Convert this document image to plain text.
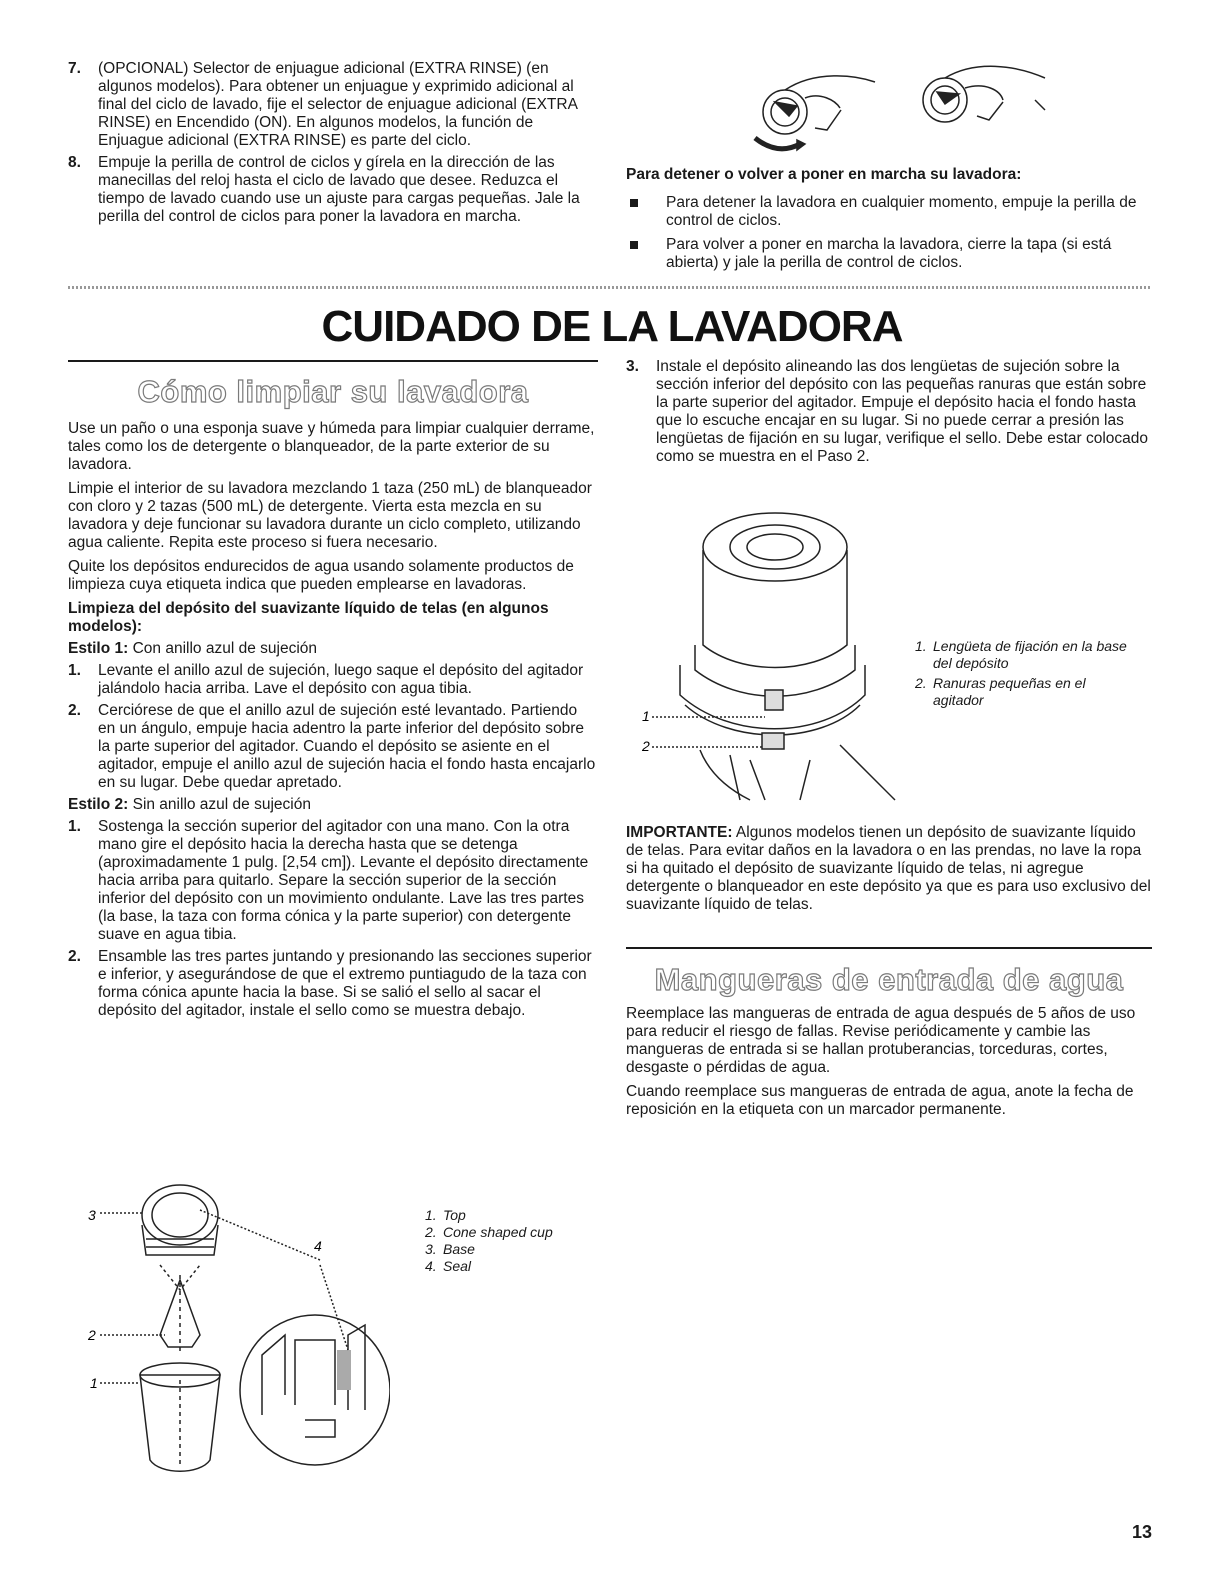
7. (OPCIONAL) Selector de enjuague adicional (EXTRA RINSE) (en algunos modelos). Para obtener un enjuague y exprimido adicional al final del ciclo de lavado, fije el selector de enjuague adicional (EXTRA RINSE) en Encendido (ON). En algunos modelos, la función de Enjuague adicional (EXTRA RINSE) es parte del ciclo.
8. Empuje la perilla de control de ciclos y gírela en la dirección de las manecillas del reloj hasta el ciclo de lavado que desee. Reduzca el tiempo de lavado cuando use un ajuste para cargas pequeñas. Jale la perilla del control de ciclos para poner la lavadora en marcha.
Para detener o volver a poner en marcha su lavadora:
Para detener la lavadora en cualquier momento, empuje la perilla de control de ciclos.
Para volver a poner en marcha la lavadora, cierre la tapa (si está abierta) y jale la perilla de control de ciclos.
CUIDADO DE LA LAVADORA
Cómo limpiar su lavadora

Use un paño o una esponja suave y húmeda para limpiar cualquier derrame, tales como los de detergente o blanqueador, de la parte exterior de su lavadora.

Limpie el interior de su lavadora mezclando 1 taza (250 mL) de blanqueador con cloro y 2 tazas (500 mL) de detergente. Vierta esta mezcla en su lavadora y deje funcionar su lavadora durante un ciclo completo, utilizando agua caliente. Repita este proceso si fuera necesario.

Quite los depósitos endurecidos de agua usando solamente productos de limpieza cuya etiqueta indica que pueden emplearse en lavadoras.

Limpieza del depósito del suavizante líquido de telas (en algunos modelos):

Estilo 1: Con anillo azul de sujeción

1. Levante el anillo azul de sujeción, luego saque el depósito del agitador jalándolo hacia arriba. Lave el depósito con agua tibia.
2. Cerciórese de que el anillo azul de sujeción esté levantado. Partiendo en un ángulo, empuje hacia adentro la parte inferior del depósito sobre la parte superior del agitador. Cuando el depósito se asiente en el agitador, empuje el anillo azul de sujeción hacia el fondo hasta encajarlo en su lugar. Debe quedar apretado.

Estilo 2: Sin anillo azul de sujeción

1. Sostenga la sección superior del agitador con una mano. Con la otra mano gire el depósito hacia la derecha hasta que se detenga (aproximadamente 1 pulg. [2,54 cm]). Levante el depósito directamente hacia arriba para quitarlo. Separe la sección superior de la sección inferior del depósito con un movimiento ondulante. Lave las tres partes (la base, la taza con forma cónica y la parte superior) con detergente suave en agua tibia.
2. Ensamble las tres partes juntando y presionando las secciones superior e inferior, y asegurándose de que el extremo puntiagudo de la taza con forma cónica apunte hacia la base. Si se salió el sello al sacar el depósito del agitador, instale el sello como se muestra debajo.
3
4
2
1
1. Top
2. Cone shaped cup
3. Base
4. Seal
3. Instale el depósito alineando las dos lengüetas de sujeción sobre la sección inferior del depósito con las pequeñas ranuras que están sobre la parte superior del agitador. Empuje el depósito hacia el fondo hasta que lo escuche encajar en su lugar. Si no puede cerrar a presión las lengüetas de fijación en su lugar, verifique el sello. Debe estar colocado como se muestra en el Paso 2.
1
2
1. Lengüeta de fijación en la base del depósito
2. Ranuras pequeñas en el agitador

IMPORTANTE: Algunos modelos tienen un depósito de suavizante líquido de telas. Para evitar daños en la lavadora o en las prendas, no lave la ropa si ha quitado el depósito de suavizante líquido de telas, ni agregue detergente o blanqueador en este depósito ya que es para uso exclusivo del suavizante líquido de telas.

Mangueras de entrada de agua

Reemplace las mangueras de entrada de agua después de 5 años de uso para reducir el riesgo de fallas. Revise periódicamente y cambie las mangueras de entrada si se hallan protuberancias, torceduras, cortes, desgaste o pérdidas de agua.

Cuando reemplace sus mangueras de entrada de agua, anote la fecha de reposición en la etiqueta con un marcador permanente.

13
